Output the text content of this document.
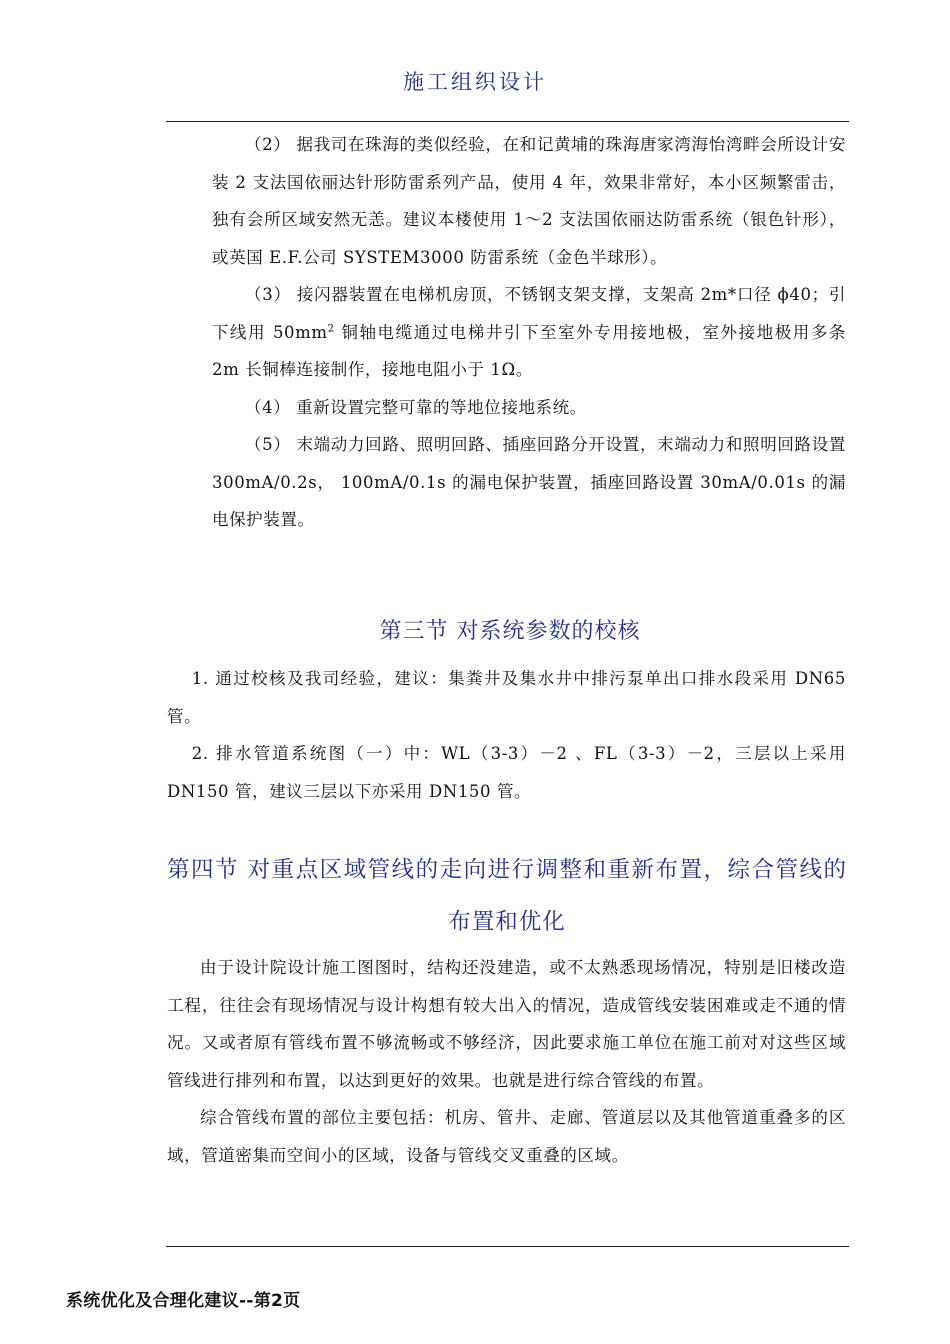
施工组织设计

（2） 据我司在珠海的类似经验，在和记黄埔的珠海唐家湾海怡湾畔会所设计安装 2 支法国依丽达针形防雷系列产品，使用 4 年，效果非常好，本小区频繁雷击，独有会所区域安然无恙。建议本楼使用 1～2 支法国依丽达防雷系统（银色针形），或英国 E.F.公司 SYSTEM3000 防雷系统（金色半球形）。

（3） 接闪器装置在电梯机房顶，不锈钢支架支撑，支架高 2m*口径 ϕ40；引下线用 $50mm^2$ 铜轴电缆通过电梯井引下至室外专用接地极，室外接地极用多条 2m 长铜棒连接制作，接地电阻小于 1Ω。

（4） 重新设置完整可靠的等地位接地系统。

（5） 末端动力回路、照明回路、插座回路分开设置，末端动力和照明回路设置 300mA/0.2s， 100mA/0.1s 的漏电保护装置，插座回路设置 30mA/0.01s 的漏电保护装置。

第三节 对系统参数的校核

1. 通过校核及我司经验，建议：集粪井及集水井中排污泵单出口排水段采用 DN65 管。

2. 排水管道系统图（一）中：WL（3-3）－2 、FL（3-3）－2，三层以上采用 DN150 管，建议三层以下亦采用 DN150 管。

第四节 对重点区域管线的走向进行调整和重新布置，综合管线的布置和优化

由于设计院设计施工图图时，结构还没建造，或不太熟悉现场情况，特别是旧楼改造工程，往往会有现场情况与设计构想有较大出入的情况，造成管线安装困难或走不通的情况。又或者原有管线布置不够流畅或不够经济，因此要求施工单位在施工前对对这些区域管线进行排列和布置，以达到更好的效果。也就是进行综合管线的布置。

综合管线布置的部位主要包括：机房、管井、走廊、管道层以及其他管道重叠多的区域，管道密集而空间小的区域，设备与管线交叉重叠的区域。

系统优化及合理化建议--第2页
